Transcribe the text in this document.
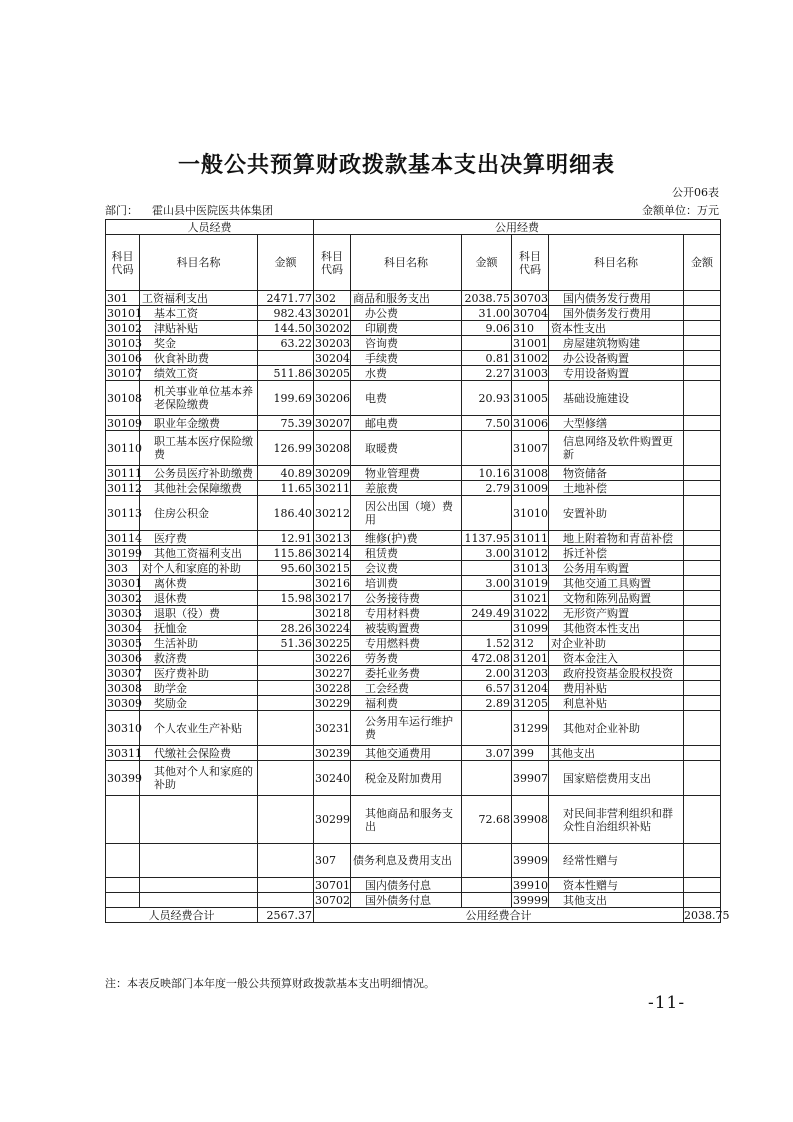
一般公共预算财政拨款基本支出决算明细表
公开06表
部门： 霍山县中医院医共体集团	金额单位：万元
人员经费			公用经费					
科目代码	科目名称	金额	科目代码	科目名称	金额	科目代码	科目名称	金额
301	工资福利支出	2471.77	302	商品和服务支出	2038.75	30703	国内债务发行费用	
30101	基本工资	982.43	30201	办公费	31.00	30704	国外债务发行费用	
30102	津贴补贴	144.50	30202	印刷费	9.06	310	资本性支出	
30103	奖金	63.22	30203	咨询费		31001	房屋建筑物购建	
30106	伙食补助费		30204	手续费	0.81	31002	办公设备购置	
30107	绩效工资	511.86	30205	水费	2.27	31003	专用设备购置	
30108	机关事业单位基本养老保险缴费	199.69	30206	电费	20.93	31005	基础设施建设	
30109	职业年金缴费	75.39	30207	邮电费	7.50	31006	大型修缮	
30110	职工基本医疗保险缴费	126.99	30208	取暖费		31007	信息网络及软件购置更新	
30111	公务员医疗补助缴费	40.89	30209	物业管理费	10.16	31008	物资储备	
30112	其他社会保障缴费	11.65	30211	差旅费	2.79	31009	土地补偿	
30113	住房公积金	186.40	30212	因公出国（境）费用		31010	安置补助	
30114	医疗费	12.91	30213	维修(护)费	1137.95	31011	地上附着物和青苗补偿	
30199	其他工资福利支出	115.86	30214	租赁费	3.00	31012	拆迁补偿	
303	对个人和家庭的补助	95.60	30215	会议费		31013	公务用车购置	
30301	离休费		30216	培训费	3.00	31019	其他交通工具购置	
30302	退休费	15.98	30217	公务接待费		31021	文物和陈列品购置	
30303	退职（役）费		30218	专用材料费	249.49	31022	无形资产购置	
30304	抚恤金	28.26	30224	被装购置费		31099	其他资本性支出	
30305	生活补助	51.36	30225	专用燃料费	1.52	312	对企业补助	
30306	救济费		30226	劳务费	472.08	31201	资本金注入	
30307	医疗费补助		30227	委托业务费	2.00	31203	政府投资基金股权投资	
30308	助学金		30228	工会经费	6.57	31204	费用补贴	
30309	奖励金		30229	福利费	2.89	31205	利息补贴	
30310	个人农业生产补贴		30231	公务用车运行维护费		31299	其他对企业补助	
30311	代缴社会保险费		30239	其他交通费用	3.07	399	其他支出	
30399	其他对个人和家庭的补助		30240	税金及附加费用		39907	国家赔偿费用支出	
			30299	其他商品和服务支出	72.68	39908	对民间非营利组织和群众性自治组织补贴	
			307	债务利息及费用支出		39909	经常性赠与	
			30701	国内债务付息		39910	资本性赠与	
			30702	国外债务付息		39999	其他支出	
人员经费合计		2567.37	公用经费合计					2038.75
注：本表反映部门本年度一般公共预算财政拨款基本支出明细情况。
-11-
